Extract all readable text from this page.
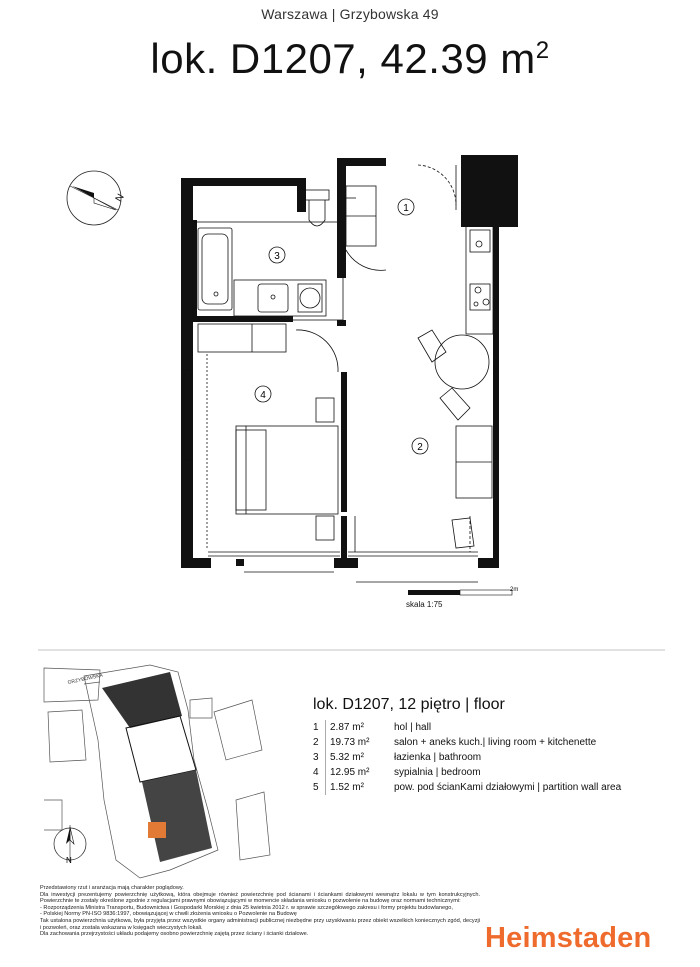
Warszawa | Grzybowska 49
lok. D1207, 42.39 $m^2$
N
1
2
3
4
GRZYBOWSKA
N
2m
skala 1:75
lok. D1207, 12 piętro | floor
1 2.87 m²	hol | hall
2 19.73 m² salon + aneks kuch.| living room + kitchenette
3 5.32 m²	łazienka | bathroom
4 12.95 m² sypialnia | bedroom
5 1.52 m²	pow. pod ścianKami działowymi | partition wall area

Przedstawiony rzut i aranżacja mają charakter poglądowy.

Dla inwestycji prezentujemy powierzchnię użytkową, która obejmuje również powierzchnię pod ścianami i ściankami działowymi wewnątrz lokalu w tym konstrukcyjnych. Powierzchnie te zostały określone zgodnie z regulacjami prawnymi obowiązującymi w momencie składania wniosku o pozwolenie na budowę oraz normami technicznymi:

- Rozporządzenia Ministra Transportu, Budownictwa i Gospodarki Morskiej z dnia 25 kwietnia 2012 r. w sprawie szczegółowego zakresu i formy projektu budowlanego,

- Polskiej Normy PN-ISO 9836:1997, obowiązującej w chwili złożenia wniosku o Pozwolenie na Budowę

Tak ustalona powierzchnia użytkowa, była przyjęta przez wszystkie organy administracji publicznej niezbędne przy uzyskiwaniu przez obiekt wszelkich koniecznych zgód, decyzji i pozwoleń, oraz została wskazana w księgach wieczystych lokali.

Dla zachowania przejrzystości układu podajemy osobno powierzchnię zajętą przez ściany i ścianki działowe.	Heimstaden
